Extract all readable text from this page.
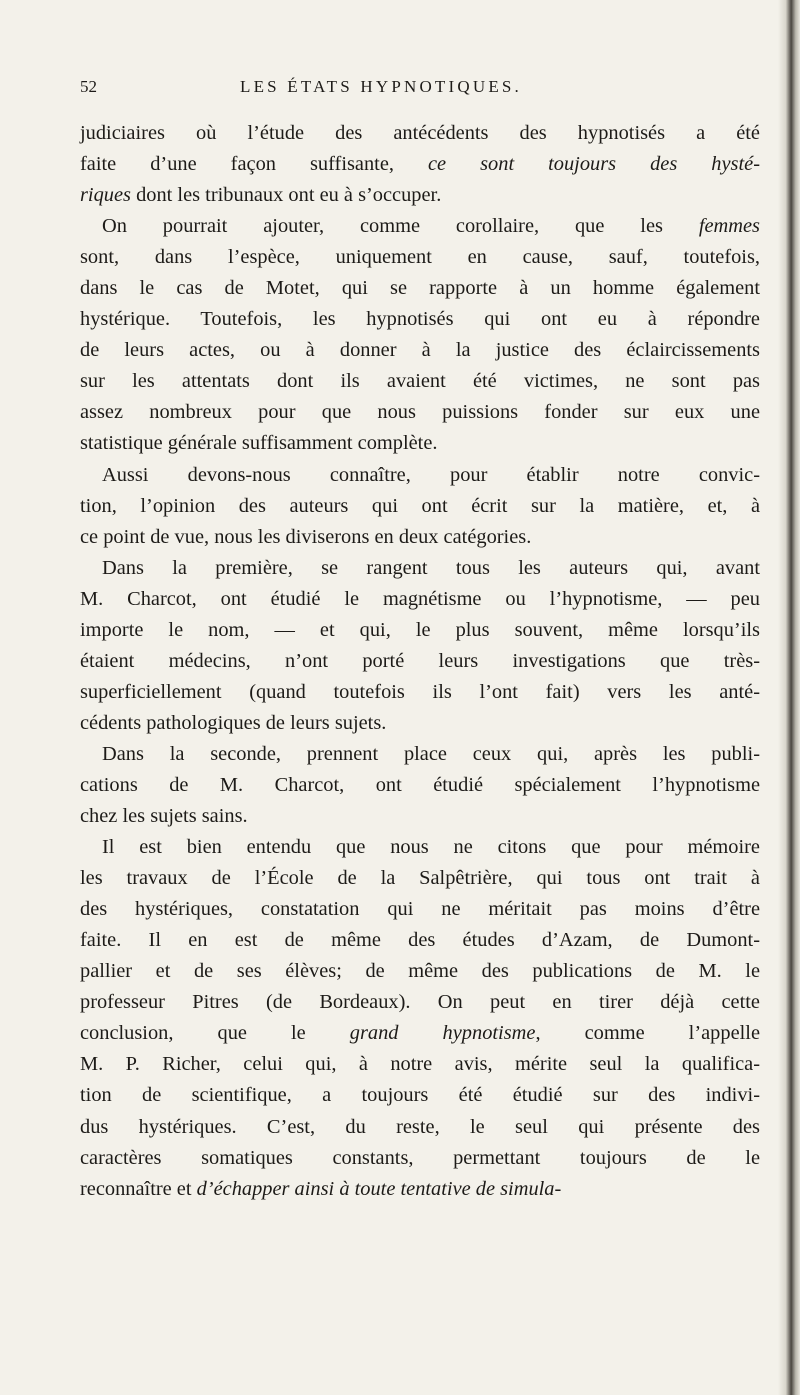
52	LES ÉTATS HYPNOTIQUES.
judiciaires où l’étude des antécédents des hypnotisés a été
faite d’une façon suffisante, ce sont toujours des hysté-
riques dont les tribunaux ont eu à s’occuper.
On pourrait ajouter, comme corollaire, que les femmes
sont, dans l’espèce, uniquement en cause, sauf, toutefois,
dans le cas de Motet, qui se rapporte à un homme également
hystérique. Toutefois, les hypnotisés qui ont eu à répondre
de leurs actes, ou à donner à la justice des éclaircissements
sur les attentats dont ils avaient été victimes, ne sont pas
assez nombreux pour que nous puissions fonder sur eux une
statistique générale suffisamment complète.
Aussi devons-nous connaître, pour établir notre convic-
tion, l’opinion des auteurs qui ont écrit sur la matière, et, à
ce point de vue, nous les diviserons en deux catégories.
Dans la première, se rangent tous les auteurs qui, avant
M. Charcot, ont étudié le magnétisme ou l’hypnotisme, — peu
importe le nom, — et qui, le plus souvent, même lorsqu’ils
étaient médecins, n’ont porté leurs investigations que très-
superficiellement (quand toutefois ils l’ont fait) vers les anté-
cédents pathologiques de leurs sujets.
Dans la seconde, prennent place ceux qui, après les publi-
cations de M. Charcot, ont étudié spécialement l’hypnotisme
chez les sujets sains.
Il est bien entendu que nous ne citons que pour mémoire
les travaux de l’École de la Salpêtrière, qui tous ont trait à
des hystériques, constatation qui ne méritait pas moins d’être
faite. Il en est de même des études d’Azam, de Dumont-
pallier et de ses élèves; de même des publications de M. le
professeur Pitres (de Bordeaux). On peut en tirer déjà cette
conclusion, que le grand hypnotisme, comme l’appelle
M. P. Richer, celui qui, à notre avis, mérite seul la qualifica-
tion de scientifique, a toujours été étudié sur des indivi-
dus hystériques. C’est, du reste, le seul qui présente des
caractères somatiques constants, permettant toujours de le
reconnaître et d’échapper ainsi à toute tentative de simula-
